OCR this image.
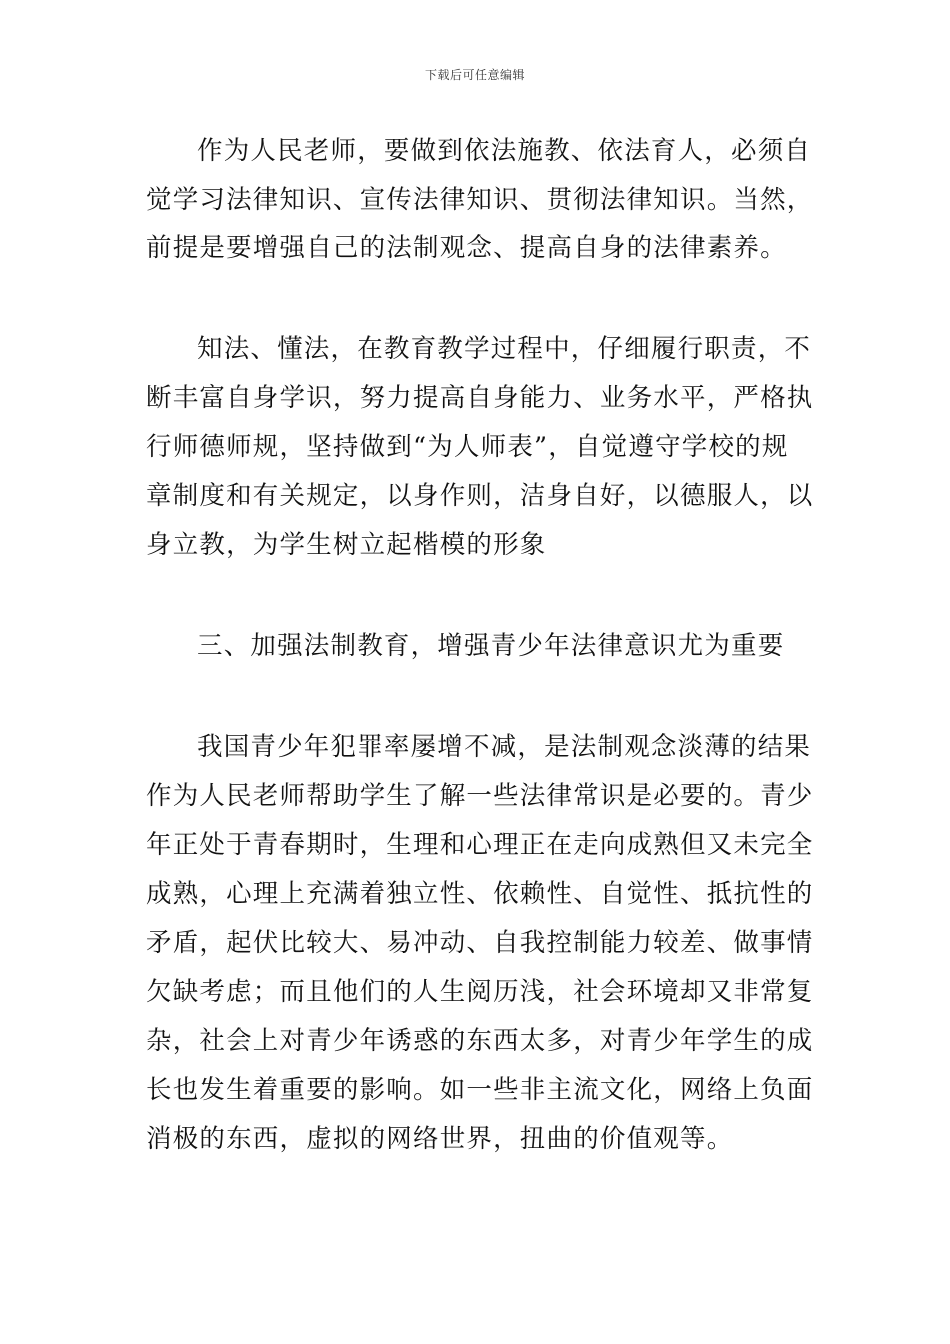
下载后可任意编辑
作为人民老师，要做到依法施教、依法育人，必须自
觉学习法律知识、宣传法律知识、贯彻法律知识。当然，
前提是要增强自己的法制观念、提高自身的法律素养。
知法、懂法，在教育教学过程中，仔细履行职责，不
断丰富自身学识，努力提高自身能力、业务水平，严格执
行师德师规，坚持做到“为人师表”，自觉遵守学校的规
章制度和有关规定，以身作则，洁身自好，以德服人，以
身立教，为学生树立起楷模的形象
三、加强法制教育，增强青少年法律意识尤为重要
我国青少年犯罪率屡增不减，是法制观念淡薄的结果
作为人民老师帮助学生了解一些法律常识是必要的。青少
年正处于青春期时，生理和心理正在走向成熟但又未完全
成熟，心理上充满着独立性、依赖性、自觉性、抵抗性的
矛盾，起伏比较大、易冲动、自我控制能力较差、做事情
欠缺考虑；而且他们的人生阅历浅，社会环境却又非常复
杂，社会上对青少年诱惑的东西太多，对青少年学生的成
长也发生着重要的影响。如一些非主流文化，网络上负面
消极的东西，虚拟的网络世界，扭曲的价值观等。
